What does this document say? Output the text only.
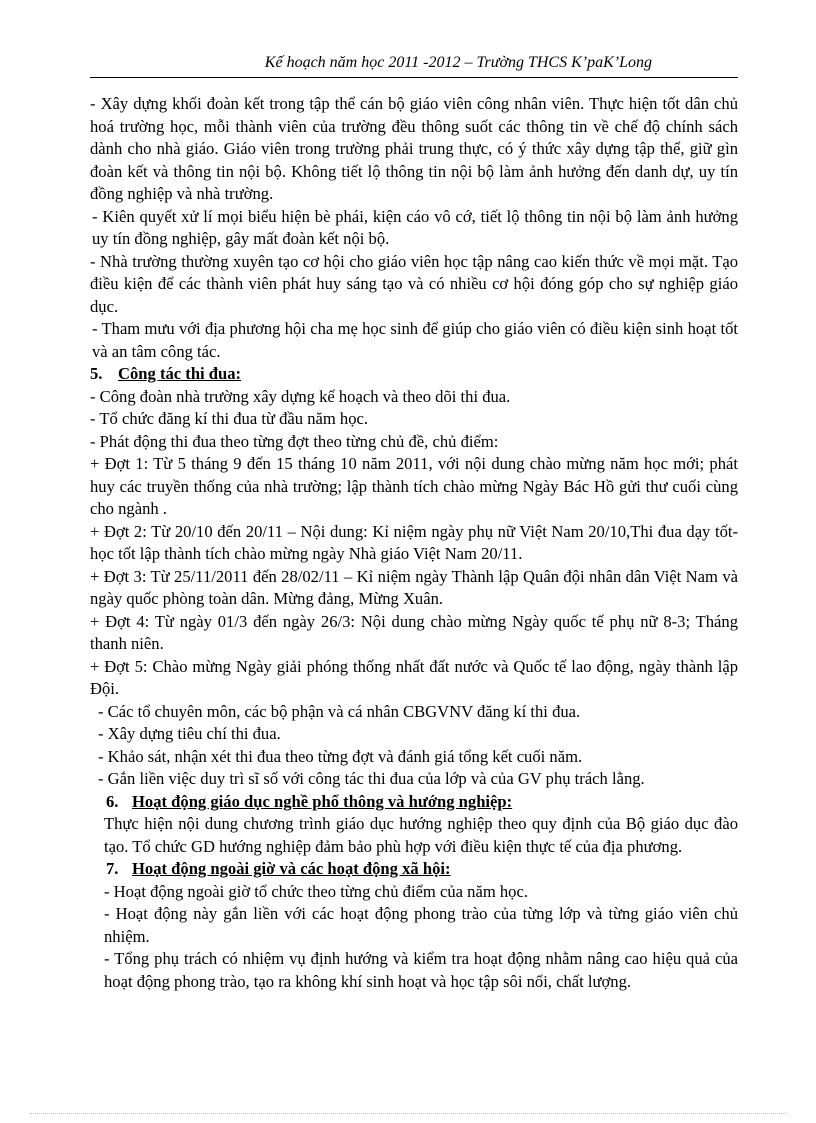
Kế hoạch năm học 2011 -2012 – Trường THCS K’paK’Long

- Xây dựng khối đoàn kết trong tập thể cán bộ giáo viên công nhân viên. Thực hiện tốt dân chủ hoá trường học, mỗi thành viên của trường đều thông suốt các thông tin về chế độ chính sách dành cho nhà giáo. Giáo viên trong trường phải trung thực, có ý thức xây dựng tập thể, giữ gìn đoàn kết và thông tin nội bộ. Không tiết lộ thông tin nội bộ làm ảnh hưởng đến danh dự, uy tín đồng nghiệp và nhà trường.

- Kiên quyết xử lí mọi biểu hiện bè phái, kiện cáo vô cớ, tiết lộ thông tin nội bộ làm ảnh hưởng uy tín đồng nghiệp, gây mất đoàn kết nội bộ.

- Nhà trường thường xuyên tạo cơ hội cho giáo viên học tập nâng cao kiến thức về mọi mặt. Tạo điều kiện để các thành viên phát huy sáng tạo và có nhiều cơ hội đóng góp cho sự nghiệp giáo dục.

- Tham mưu với địa phương hội cha mẹ học sinh để giúp cho giáo viên có điều kiện sinh hoạt tốt và an tâm công tác.

5. Công tác thi đua:

- Công đoàn nhà trường xây dựng kế hoạch và theo dõi thi đua.

- Tổ chức đăng kí thi đua từ đầu năm học.

- Phát động thi đua theo từng đợt theo từng chủ đề, chủ điểm:

+ Đợt 1: Từ 5 tháng 9 đến 15 tháng 10 năm 2011, với nội dung chào mừng năm học mới; phát huy các truyền thống của nhà trường; lập thành tích chào mừng Ngày Bác Hồ gửi thư cuối cùng cho ngành .

+ Đợt 2: Từ 20/10 đến 20/11 – Nội dung: Kỉ niệm ngày phụ nữ Việt Nam 20/10,Thi đua dạy tốt- học tốt lập thành tích chào mừng ngày Nhà giáo Việt Nam 20/11.

+ Đợt 3: Từ 25/11/2011 đến 28/02/11 – Kỉ niệm ngày Thành lập Quân đội nhân dân Việt Nam và ngày quốc phòng toàn dân. Mừng đảng, Mừng Xuân.

+ Đợt 4: Từ ngày 01/3 đến ngày 26/3: Nội dung chào mừng Ngày quốc tế phụ nữ 8-3; Tháng thanh niên.

+ Đợt 5: Chào mừng Ngày giải phóng thống nhất đất nước và Quốc tế lao động, ngày thành lập Đội.

- Các tổ chuyên môn, các bộ phận và cá nhân CBGVNV đăng kí thi đua.

- Xây dựng tiêu chí thi đua.

- Khảo sát, nhận xét thi đua theo từng đợt và đánh giá tổng kết cuối năm.

- Gắn liền việc duy trì sĩ số với công tác thi đua của lớp và của GV phụ trách lằng.

6. Hoạt động giáo dục nghề phổ thông và hướng nghiệp:

Thực hiện nội dung chương trình giáo dục hướng nghiệp theo quy định của Bộ giáo dục đào tạo. Tổ chức GD hướng nghiệp đảm bảo phù hợp với điều kiện thực tế của địa phương.

7. Hoạt động ngoài giờ và các hoạt động xã hội:

- Hoạt động ngoài giờ tổ chức theo từng chủ điểm của năm học.

- Hoạt động này gắn liền với các hoạt động phong trào của từng lớp và từng giáo viên chủ nhiệm.

- Tổng phụ trách có nhiệm vụ định hướng và kiểm tra hoạt động nhằm nâng cao hiệu quả của hoạt động phong trào, tạo ra không khí sinh hoạt và học tập sôi nổi, chất lượng.
